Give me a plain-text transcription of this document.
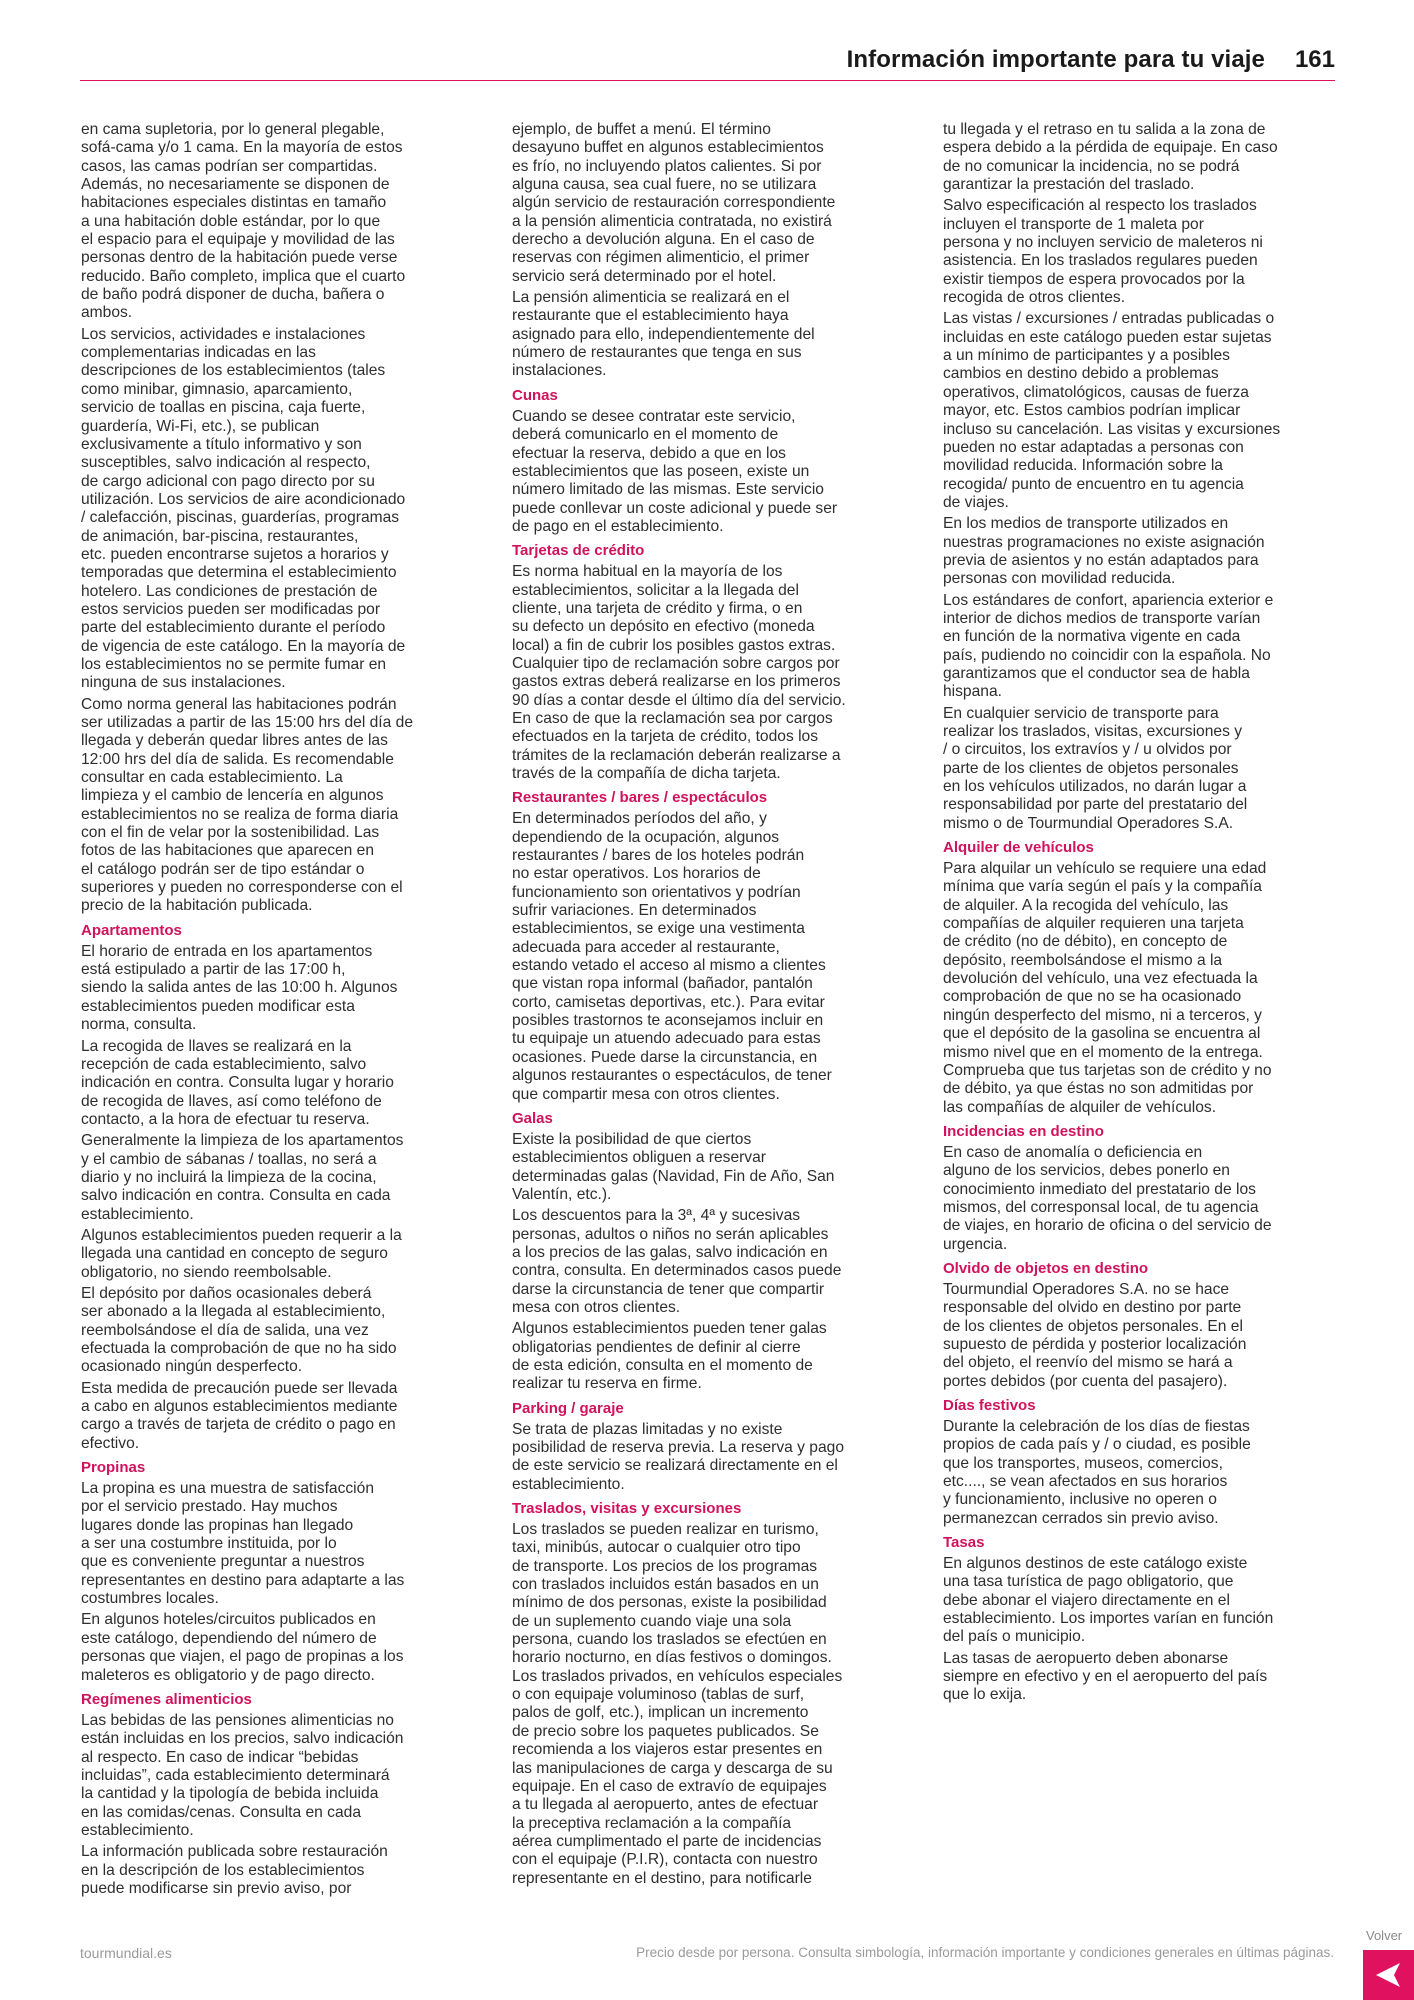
Información importante para tu viaje 161

en cama supletoria, por lo general plegable,
sofá-cama y/o 1 cama. En la mayoría de estos
casos, las camas podrían ser compartidas.
Además, no necesariamente se disponen de
habitaciones especiales distintas en tamaño
a una habitación doble estándar, por lo que
el espacio para el equipaje y movilidad de las
personas dentro de la habitación puede verse
reducido. Baño completo, implica que el cuarto
de baño podrá disponer de ducha, bañera o
ambos.

Los servicios, actividades e instalaciones
complementarias indicadas en las
descripciones de los establecimientos (tales
como minibar, gimnasio, aparcamiento,
servicio de toallas en piscina, caja fuerte,
guardería, Wi-Fi, etc.), se publican
exclusivamente a título informativo y son
susceptibles, salvo indicación al respecto,
de cargo adicional con pago directo por su
utilización. Los servicios de aire acondicionado
/ calefacción, piscinas, guarderías, programas
de animación, bar-piscina, restaurantes,
etc. pueden encontrarse sujetos a horarios y
temporadas que determina el establecimiento
hotelero. Las condiciones de prestación de
estos servicios pueden ser modificadas por
parte del establecimiento durante el período
de vigencia de este catálogo. En la mayoría de
los establecimientos no se permite fumar en
ninguna de sus instalaciones.

Como norma general las habitaciones podrán
ser utilizadas a partir de las 15:00 hrs del día de
llegada y deberán quedar libres antes de las
12:00 hrs del día de salida. Es recomendable
consultar en cada establecimiento. La
limpieza y el cambio de lencería en algunos
establecimientos no se realiza de forma diaria
con el fin de velar por la sostenibilidad. Las
fotos de las habitaciones que aparecen en
el catálogo podrán ser de tipo estándar o
superiores y pueden no corresponderse con el
precio de la habitación publicada.

Apartamentos

El horario de entrada en los apartamentos
está estipulado a partir de las 17:00 h,
siendo la salida antes de las 10:00 h. Algunos
establecimientos pueden modificar esta
norma, consulta.

La recogida de llaves se realizará en la
recepción de cada establecimiento, salvo
indicación en contra. Consulta lugar y horario
de recogida de llaves, así como teléfono de
contacto, a la hora de efectuar tu reserva.

Generalmente la limpieza de los apartamentos
y el cambio de sábanas / toallas, no será a
diario y no incluirá la limpieza de la cocina,
salvo indicación en contra. Consulta en cada
establecimiento.

Algunos establecimientos pueden requerir a la
llegada una cantidad en concepto de seguro
obligatorio, no siendo reembolsable.

El depósito por daños ocasionales deberá
ser abonado a la llegada al establecimiento,
reembolsándose el día de salida, una vez
efectuada la comprobación de que no ha sido
ocasionado ningún desperfecto.

Esta medida de precaución puede ser llevada
a cabo en algunos establecimientos mediante
cargo a través de tarjeta de crédito o pago en
efectivo.

Propinas

La propina es una muestra de satisfacción
por el servicio prestado. Hay muchos
lugares donde las propinas han llegado
a ser una costumbre instituida, por lo
que es conveniente preguntar a nuestros
representantes en destino para adaptarte a las
costumbres locales.

En algunos hoteles/circuitos publicados en
este catálogo, dependiendo del número de
personas que viajen, el pago de propinas a los
maleteros es obligatorio y de pago directo.

Regímenes alimenticios

Las bebidas de las pensiones alimenticias no
están incluidas en los precios, salvo indicación
al respecto. En caso de indicar “bebidas
incluidas”, cada establecimiento determinará
la cantidad y la tipología de bebida incluida
en las comidas/cenas. Consulta en cada
establecimiento.

La información publicada sobre restauración
en la descripción de los establecimientos
puede modificarse sin previo aviso, por

ejemplo, de buffet a menú. El término
desayuno buffet en algunos establecimientos
es frío, no incluyendo platos calientes. Si por
alguna causa, sea cual fuere, no se utilizara
algún servicio de restauración correspondiente
a la pensión alimenticia contratada, no existirá
derecho a devolución alguna. En el caso de
reservas con régimen alimenticio, el primer
servicio será determinado por el hotel.

La pensión alimenticia se realizará en el
restaurante que el establecimiento haya
asignado para ello, independientemente del
número de restaurantes que tenga en sus
instalaciones.

Cunas

Cuando se desee contratar este servicio,
deberá comunicarlo en el momento de
efectuar la reserva, debido a que en los
establecimientos que las poseen, existe un
número limitado de las mismas. Este servicio
puede conllevar un coste adicional y puede ser
de pago en el establecimiento.

Tarjetas de crédito

Es norma habitual en la mayoría de los
establecimientos, solicitar a la llegada del
cliente, una tarjeta de crédito y firma, o en
su defecto un depósito en efectivo (moneda
local) a fin de cubrir los posibles gastos extras.
Cualquier tipo de reclamación sobre cargos por
gastos extras deberá realizarse en los primeros
90 días a contar desde el último día del servicio.
En caso de que la reclamación sea por cargos
efectuados en la tarjeta de crédito, todos los
trámites de la reclamación deberán realizarse a
través de la compañía de dicha tarjeta.

Restaurantes / bares / espectáculos

En determinados períodos del año, y
dependiendo de la ocupación, algunos
restaurantes / bares de los hoteles podrán
no estar operativos. Los horarios de
funcionamiento son orientativos y podrían
sufrir variaciones. En determinados
establecimientos, se exige una vestimenta
adecuada para acceder al restaurante,
estando vetado el acceso al mismo a clientes
que vistan ropa informal (bañador, pantalón
corto, camisetas deportivas, etc.). Para evitar
posibles trastornos te aconsejamos incluir en
tu equipaje un atuendo adecuado para estas
ocasiones. Puede darse la circunstancia, en
algunos restaurantes o espectáculos, de tener
que compartir mesa con otros clientes.

Galas

Existe la posibilidad de que ciertos
establecimientos obliguen a reservar
determinadas galas (Navidad, Fin de Año, San
Valentín, etc.).

Los descuentos para la 3ª, 4ª y sucesivas
personas, adultos o niños no serán aplicables
a los precios de las galas, salvo indicación en
contra, consulta. En determinados casos puede
darse la circunstancia de tener que compartir
mesa con otros clientes.

Algunos establecimientos pueden tener galas
obligatorias pendientes de definir al cierre
de esta edición, consulta en el momento de
realizar tu reserva en firme.

Parking / garaje

Se trata de plazas limitadas y no existe
posibilidad de reserva previa. La reserva y pago
de este servicio se realizará directamente en el
establecimiento.

Traslados, visitas y excursiones

Los traslados se pueden realizar en turismo,
taxi, minibús, autocar o cualquier otro tipo
de transporte. Los precios de los programas
con traslados incluidos están basados en un
mínimo de dos personas, existe la posibilidad
de un suplemento cuando viaje una sola
persona, cuando los traslados se efectúen en
horario nocturno, en días festivos o domingos.
Los traslados privados, en vehículos especiales
o con equipaje voluminoso (tablas de surf,
palos de golf, etc.), implican un incremento
de precio sobre los paquetes publicados. Se
recomienda a los viajeros estar presentes en
las manipulaciones de carga y descarga de su
equipaje. En el caso de extravío de equipajes
a tu llegada al aeropuerto, antes de efectuar
la preceptiva reclamación a la compañía
aérea cumplimentado el parte de incidencias
con el equipaje (P.I.R), contacta con nuestro
representante en el destino, para notificarle

tu llegada y el retraso en tu salida a la zona de
espera debido a la pérdida de equipaje. En caso
de no comunicar la incidencia, no se podrá
garantizar la prestación del traslado.

Salvo especificación al respecto los traslados
incluyen el transporte de 1 maleta por
persona y no incluyen servicio de maleteros ni
asistencia. En los traslados regulares pueden
existir tiempos de espera provocados por la
recogida de otros clientes.

Las vistas / excursiones / entradas publicadas o
incluidas en este catálogo pueden estar sujetas
a un mínimo de participantes y a posibles
cambios en destino debido a problemas
operativos, climatológicos, causas de fuerza
mayor, etc. Estos cambios podrían implicar
incluso su cancelación. Las visitas y excursiones
pueden no estar adaptadas a personas con
movilidad reducida. Información sobre la
recogida/ punto de encuentro en tu agencia
de viajes.

En los medios de transporte utilizados en
nuestras programaciones no existe asignación
previa de asientos y no están adaptados para
personas con movilidad reducida.

Los estándares de confort, apariencia exterior e
interior de dichos medios de transporte varían
en función de la normativa vigente en cada
país, pudiendo no coincidir con la española. No
garantizamos que el conductor sea de habla
hispana.

En cualquier servicio de transporte para
realizar los traslados, visitas, excursiones y
/ o circuitos, los extravíos y / u olvidos por
parte de los clientes de objetos personales
en los vehículos utilizados, no darán lugar a
responsabilidad por parte del prestatario del
mismo o de Tourmundial Operadores S.A.

Alquiler de vehículos

Para alquilar un vehículo se requiere una edad
mínima que varía según el país y la compañía
de alquiler. A la recogida del vehículo, las
compañías de alquiler requieren una tarjeta
de crédito (no de débito), en concepto de
depósito, reembolsándose el mismo a la
devolución del vehículo, una vez efectuada la
comprobación de que no se ha ocasionado
ningún desperfecto del mismo, ni a terceros, y
que el depósito de la gasolina se encuentra al
mismo nivel que en el momento de la entrega.
Comprueba que tus tarjetas son de crédito y no
de débito, ya que éstas no son admitidas por
las compañías de alquiler de vehículos.

Incidencias en destino

En caso de anomalía o deficiencia en
alguno de los servicios, debes ponerlo en
conocimiento inmediato del prestatario de los
mismos, del corresponsal local, de tu agencia
de viajes, en horario de oficina o del servicio de
urgencia.

Olvido de objetos en destino

Tourmundial Operadores S.A. no se hace
responsable del olvido en destino por parte
de los clientes de objetos personales. En el
supuesto de pérdida y posterior localización
del objeto, el reenvío del mismo se hará a
portes debidos (por cuenta del pasajero).

Días festivos

Durante la celebración de los días de fiestas
propios de cada país y / o ciudad, es posible
que los transportes, museos, comercios,
etc...., se vean afectados en sus horarios
y funcionamiento, inclusive no operen o
permanezcan cerrados sin previo aviso.

Tasas

En algunos destinos de este catálogo existe
una tasa turística de pago obligatorio, que
debe abonar el viajero directamente en el
establecimiento. Los importes varían en función
del país o municipio.

Las tasas de aeropuerto deben abonarse
siempre en efectivo y en el aeropuerto del país
que lo exija.

tourmundial.es	Precio desde por persona. Consulta simbología, información importante y condiciones generales en últimas páginas.
Volver
